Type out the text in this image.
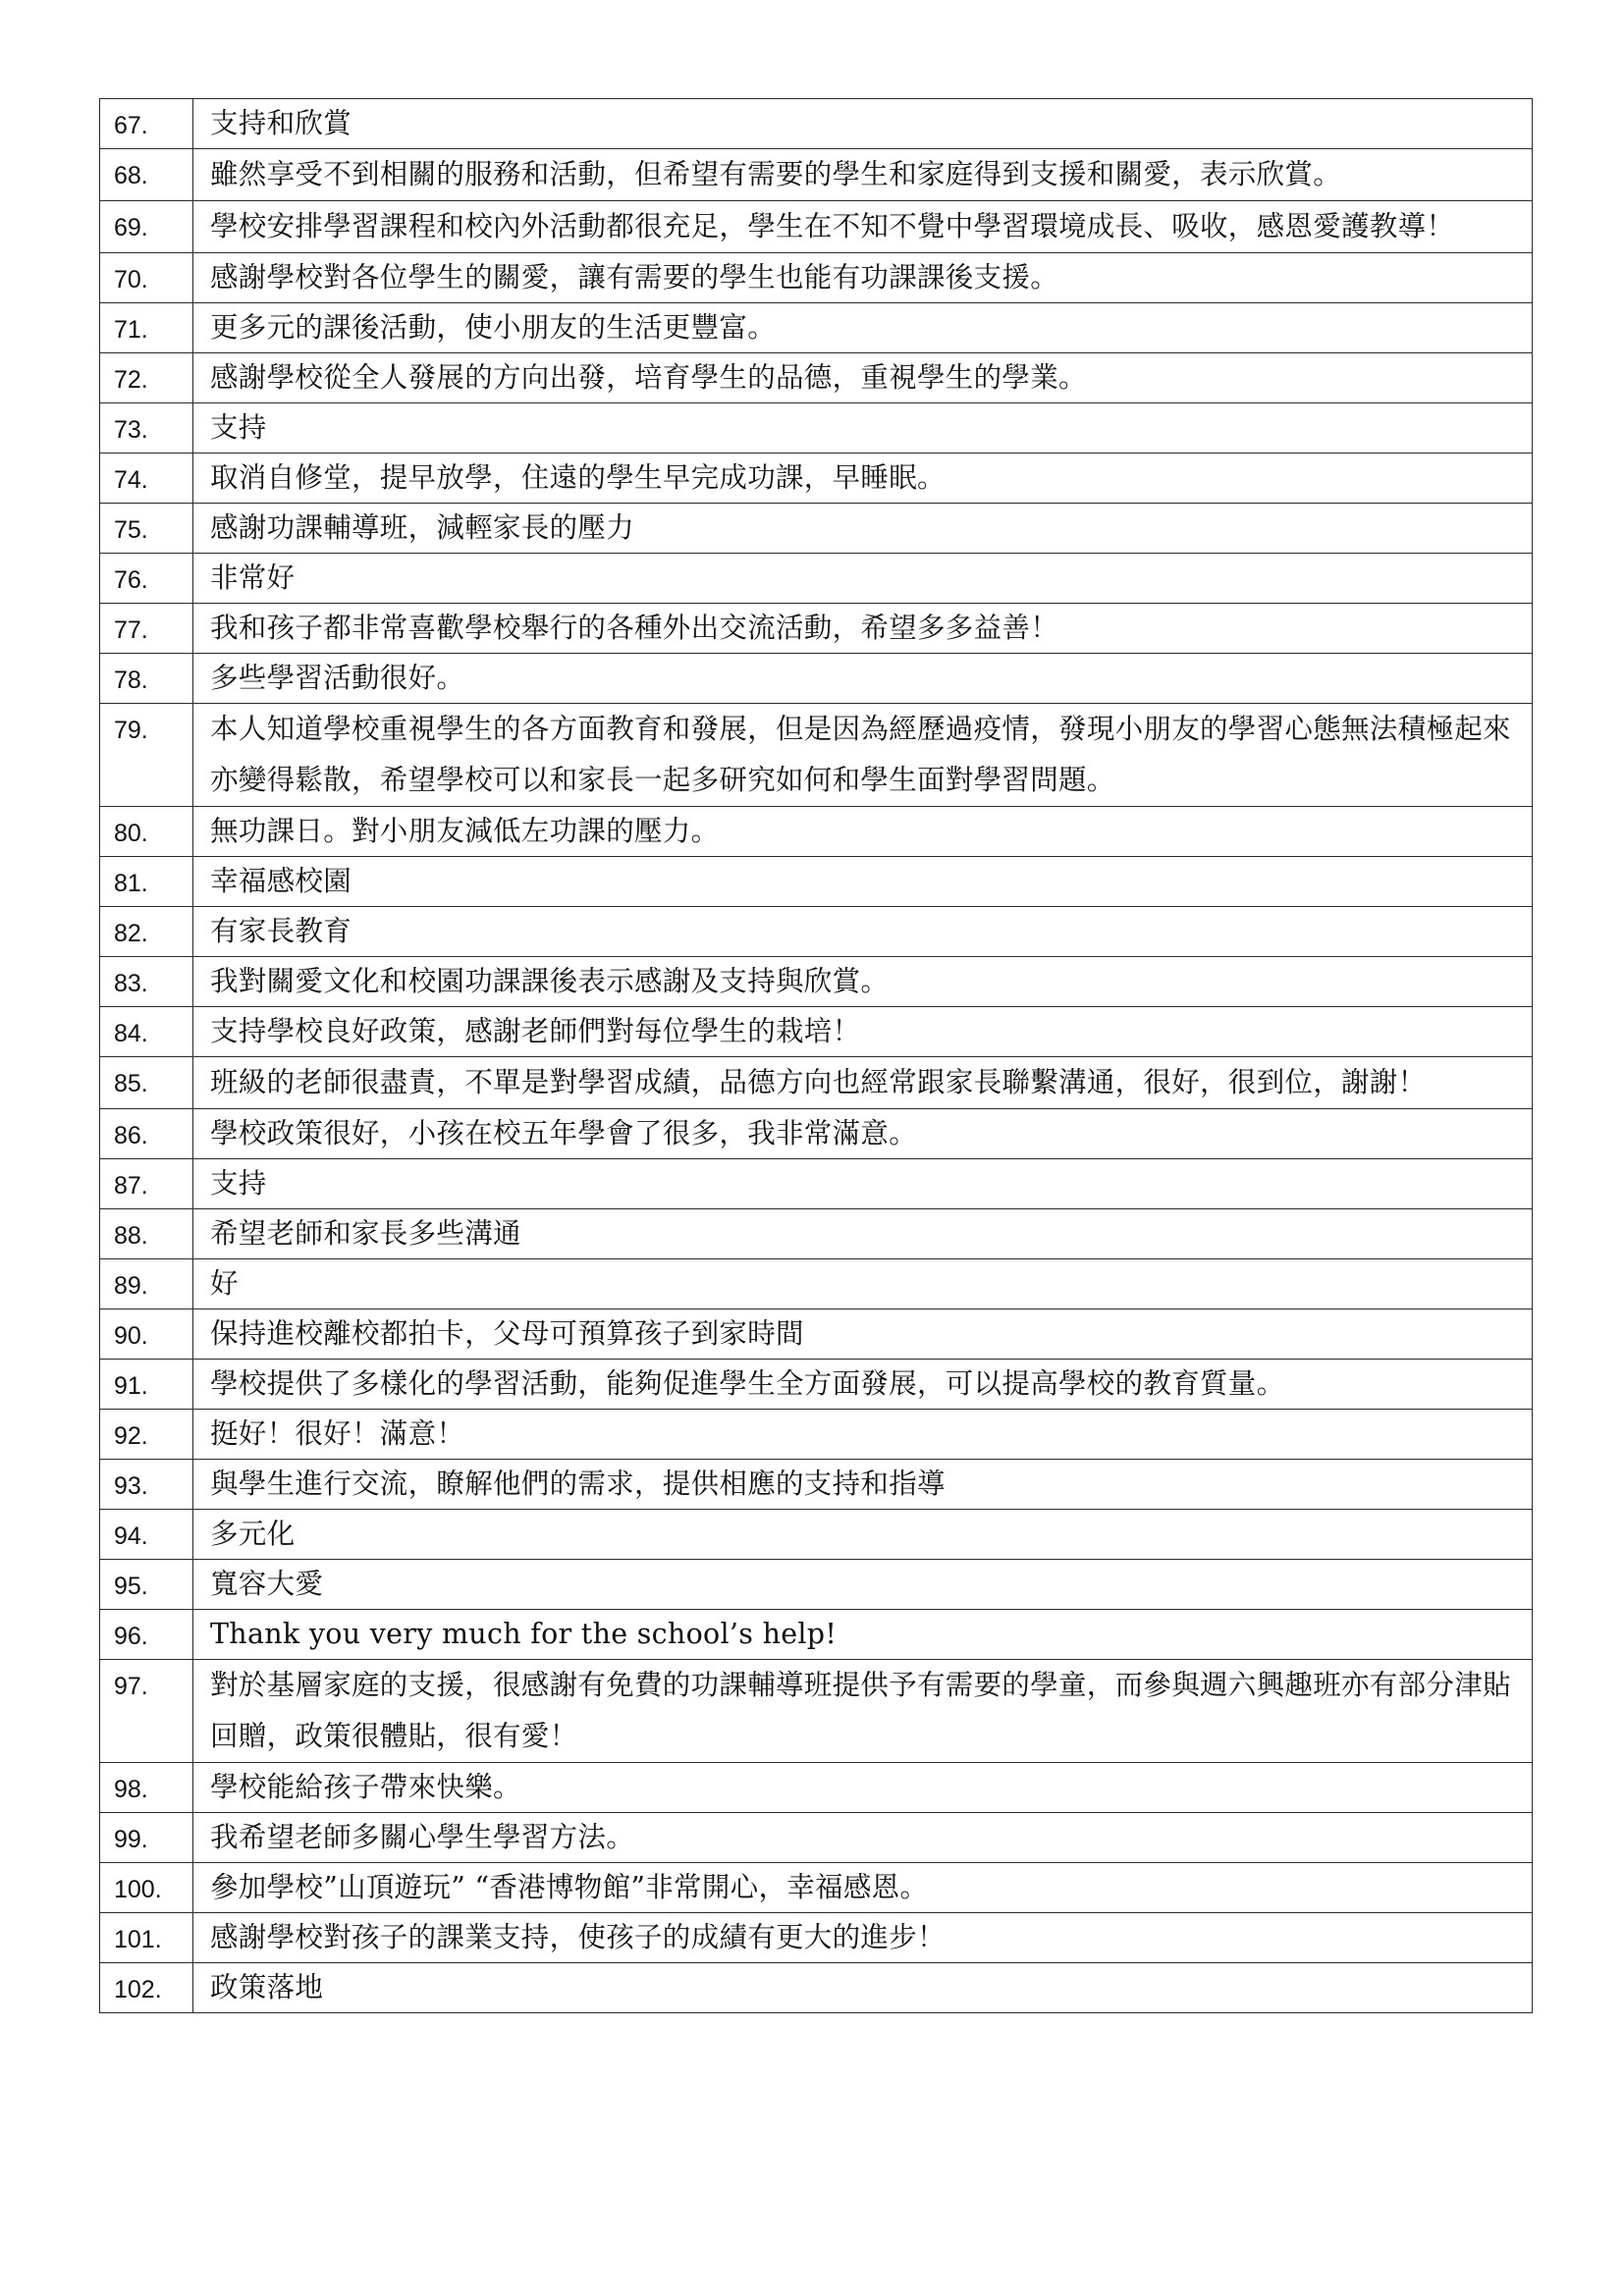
67.	支持和欣賞
68.	雖然享受不到相關的服務和活動，但希望有需要的學生和家庭得到支援和關愛，表示欣賞。
69.	學校安排學習課程和校內外活動都很充足，學生在不知不覺中學習環境成長、吸收，感恩愛護教導！
70.	感謝學校對各位學生的關愛，讓有需要的學生也能有功課課後支援。
71.	更多元的課後活動，使小朋友的生活更豐富。
72.	感謝學校從全人發展的方向出發，培育學生的品德，重視學生的學業。
73.	支持
74.	取消自修堂，提早放學，住遠的學生早完成功課，早睡眠。
75.	感謝功課輔導班，減輕家長的壓力
76.	非常好
77.	我和孩子都非常喜歡學校舉行的各種外出交流活動，希望多多益善！
78.	多些學習活動很好。
79.	本人知道學校重視學生的各方面教育和發展，但是因為經歷過疫情，發現小朋友的學習心態無法積極起來亦變得鬆散，希望學校可以和家長一起多研究如何和學生面對學習問題。
80.	無功課日。對小朋友減低左功課的壓力。
81.	幸福感校園
82.	有家長教育
83.	我對關愛文化和校園功課課後表示感謝及支持與欣賞。
84.	支持學校良好政策，感謝老師們對每位學生的栽培！
85.	班級的老師很盡責，不單是對學習成績，品德方向也經常跟家長聯繫溝通，很好，很到位，謝謝！
86.	學校政策很好，小孩在校五年學會了很多，我非常滿意。
87.	支持
88.	希望老師和家長多些溝通
89.	好
90.	保持進校離校都拍卡，父母可預算孩子到家時間
91.	學校提供了多樣化的學習活動，能夠促進學生全方面發展，可以提高學校的教育質量。
92.	挺好！很好！滿意！
93.	與學生進行交流，瞭解他們的需求，提供相應的支持和指導
94.	多元化
95.	寬容大愛
96.	Thank you very much for the school’s help!
97.	對於基層家庭的支援，很感謝有免費的功課輔導班提供予有需要的學童，而參與週六興趣班亦有部分津貼回贈，政策很體貼，很有愛！
98.	學校能給孩子帶來快樂。
99.	我希望老師多關心學生學習方法。
100.	參加學校”山頂遊玩” “香港博物館”非常開心，幸福感恩。
101.	感謝學校對孩子的課業支持，使孩子的成績有更大的進步！
102.	政策落地
